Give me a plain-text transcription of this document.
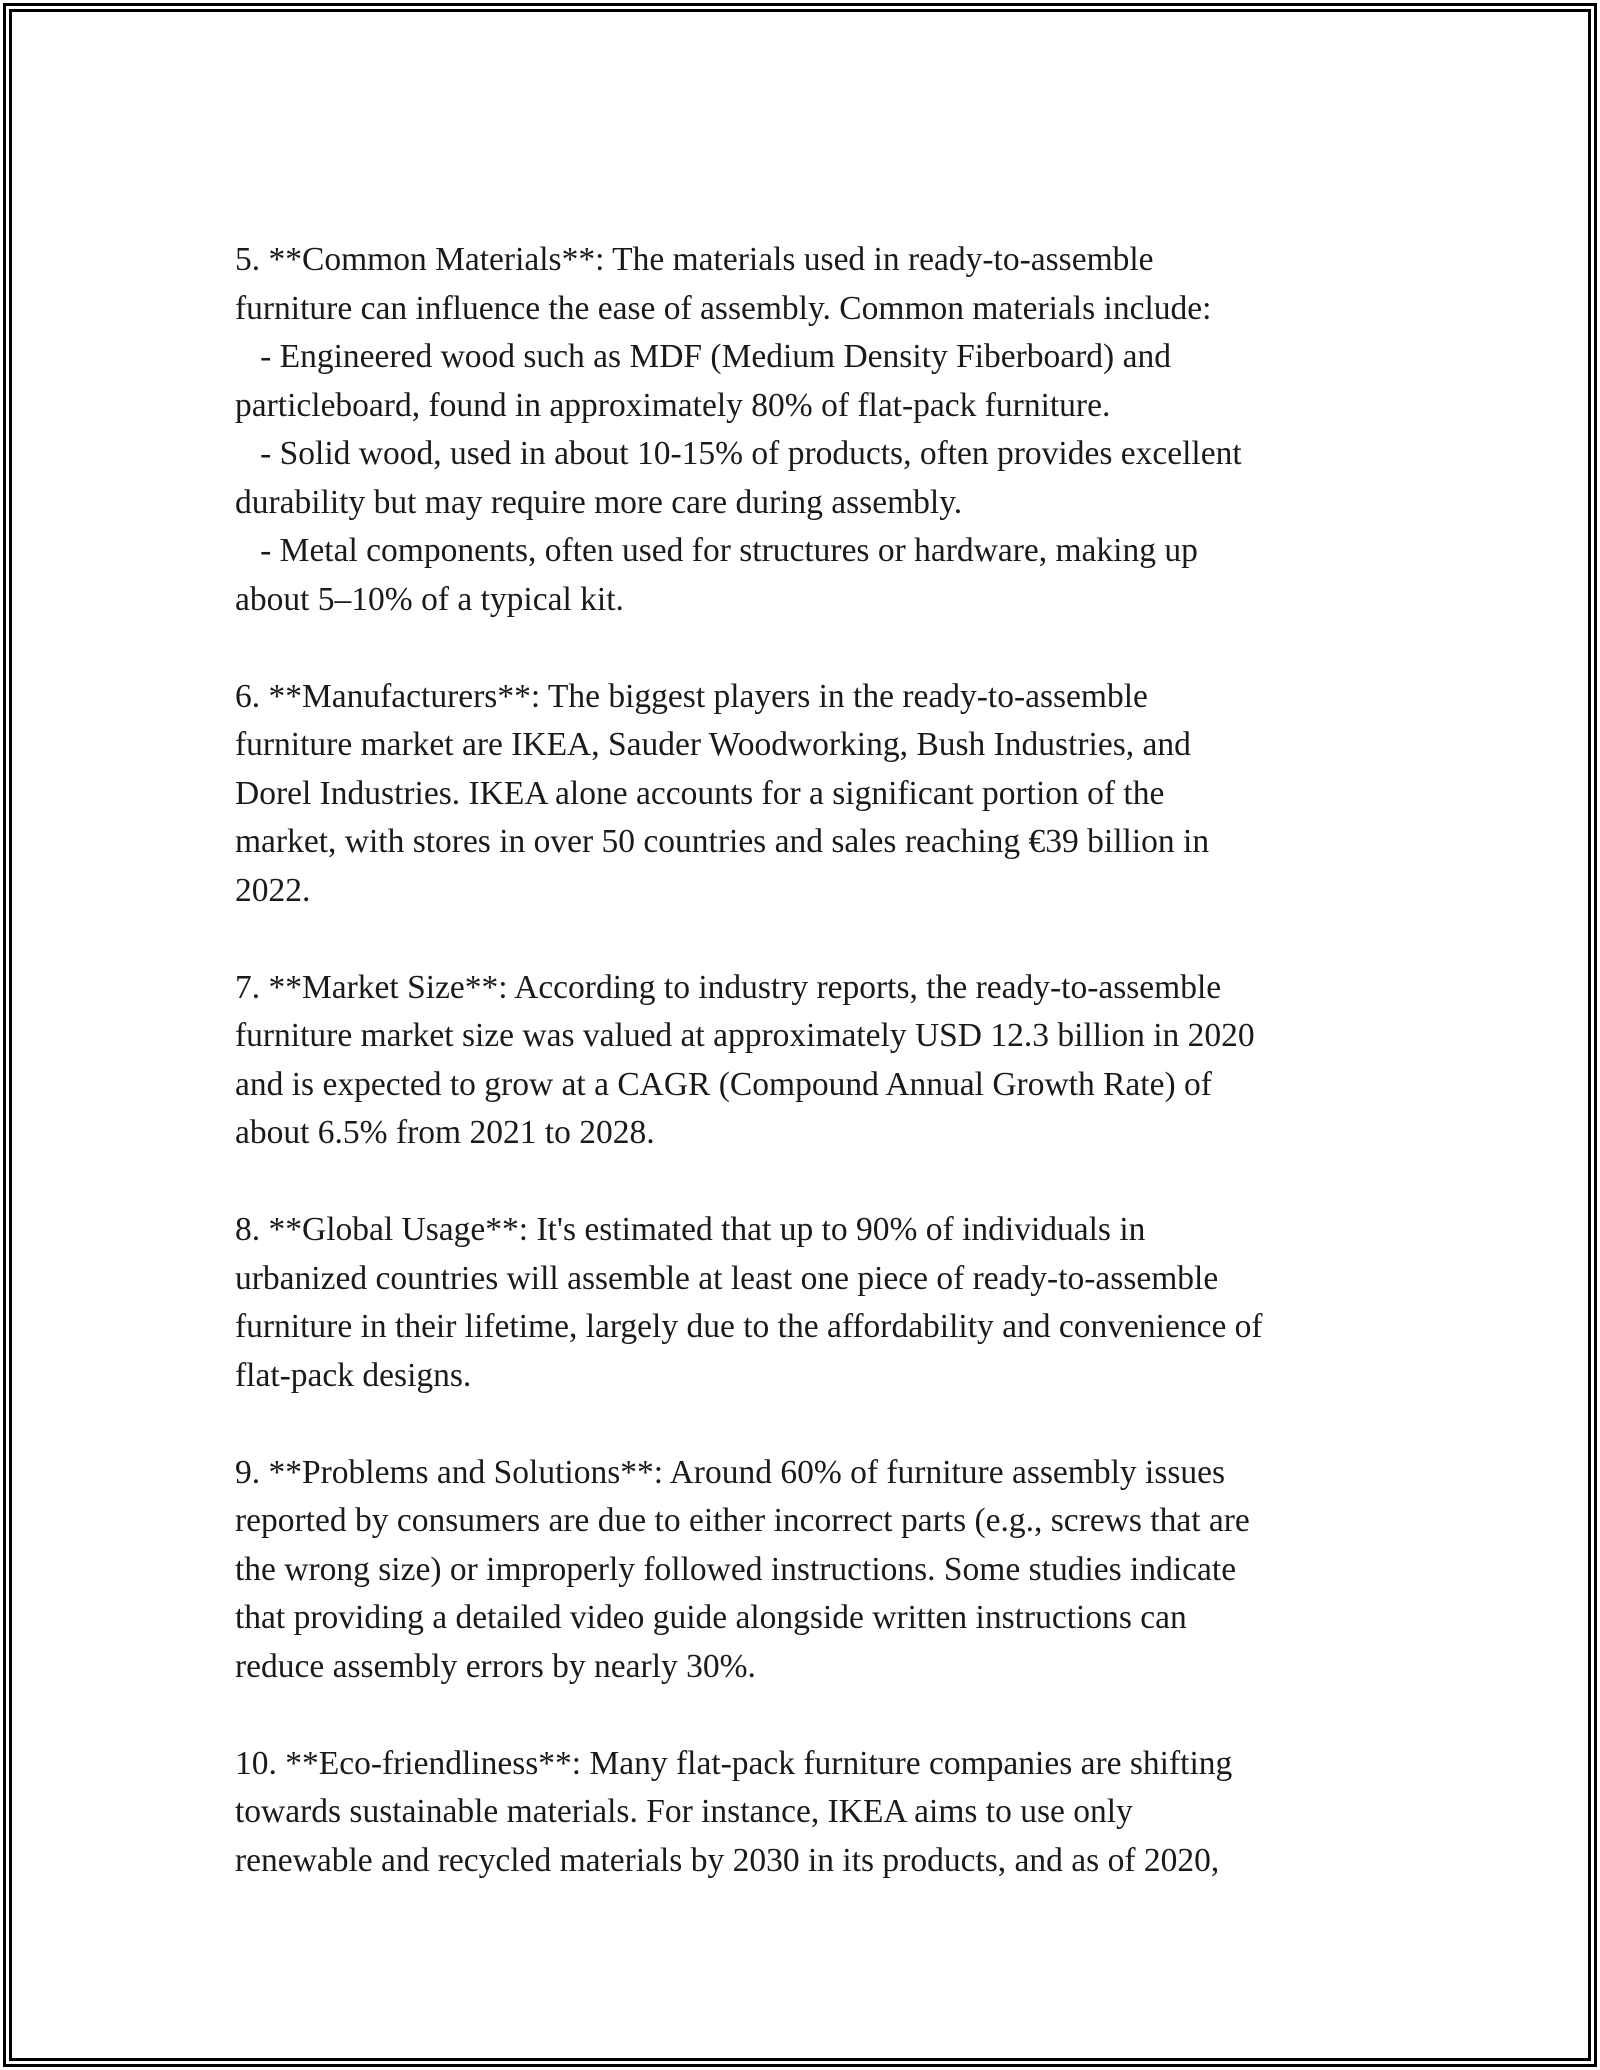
5. **Common Materials**: The materials used in ready-to-assemble
furniture can influence the ease of assembly. Common materials include:
- Engineered wood such as MDF (Medium Density Fiberboard) and
particleboard, found in approximately 80% of flat-pack furniture.
- Solid wood, used in about 10-15% of products, often provides excellent
durability but may require more care during assembly.
- Metal components, often used for structures or hardware, making up
about 5–10% of a typical kit.
6. **Manufacturers**: The biggest players in the ready-to-assemble
furniture market are IKEA, Sauder Woodworking, Bush Industries, and
Dorel Industries. IKEA alone accounts for a significant portion of the
market, with stores in over 50 countries and sales reaching €39 billion in
2022.
7. **Market Size**: According to industry reports, the ready-to-assemble
furniture market size was valued at approximately USD 12.3 billion in 2020
and is expected to grow at a CAGR (Compound Annual Growth Rate) of
about 6.5% from 2021 to 2028.
8. **Global Usage**: It's estimated that up to 90% of individuals in
urbanized countries will assemble at least one piece of ready-to-assemble
furniture in their lifetime, largely due to the affordability and convenience of
flat-pack designs.
9. **Problems and Solutions**: Around 60% of furniture assembly issues
reported by consumers are due to either incorrect parts (e.g., screws that are
the wrong size) or improperly followed instructions. Some studies indicate
that providing a detailed video guide alongside written instructions can
reduce assembly errors by nearly 30%.
10. **Eco-friendliness**: Many flat-pack furniture companies are shifting
towards sustainable materials. For instance, IKEA aims to use only
renewable and recycled materials by 2030 in its products, and as of 2020,
